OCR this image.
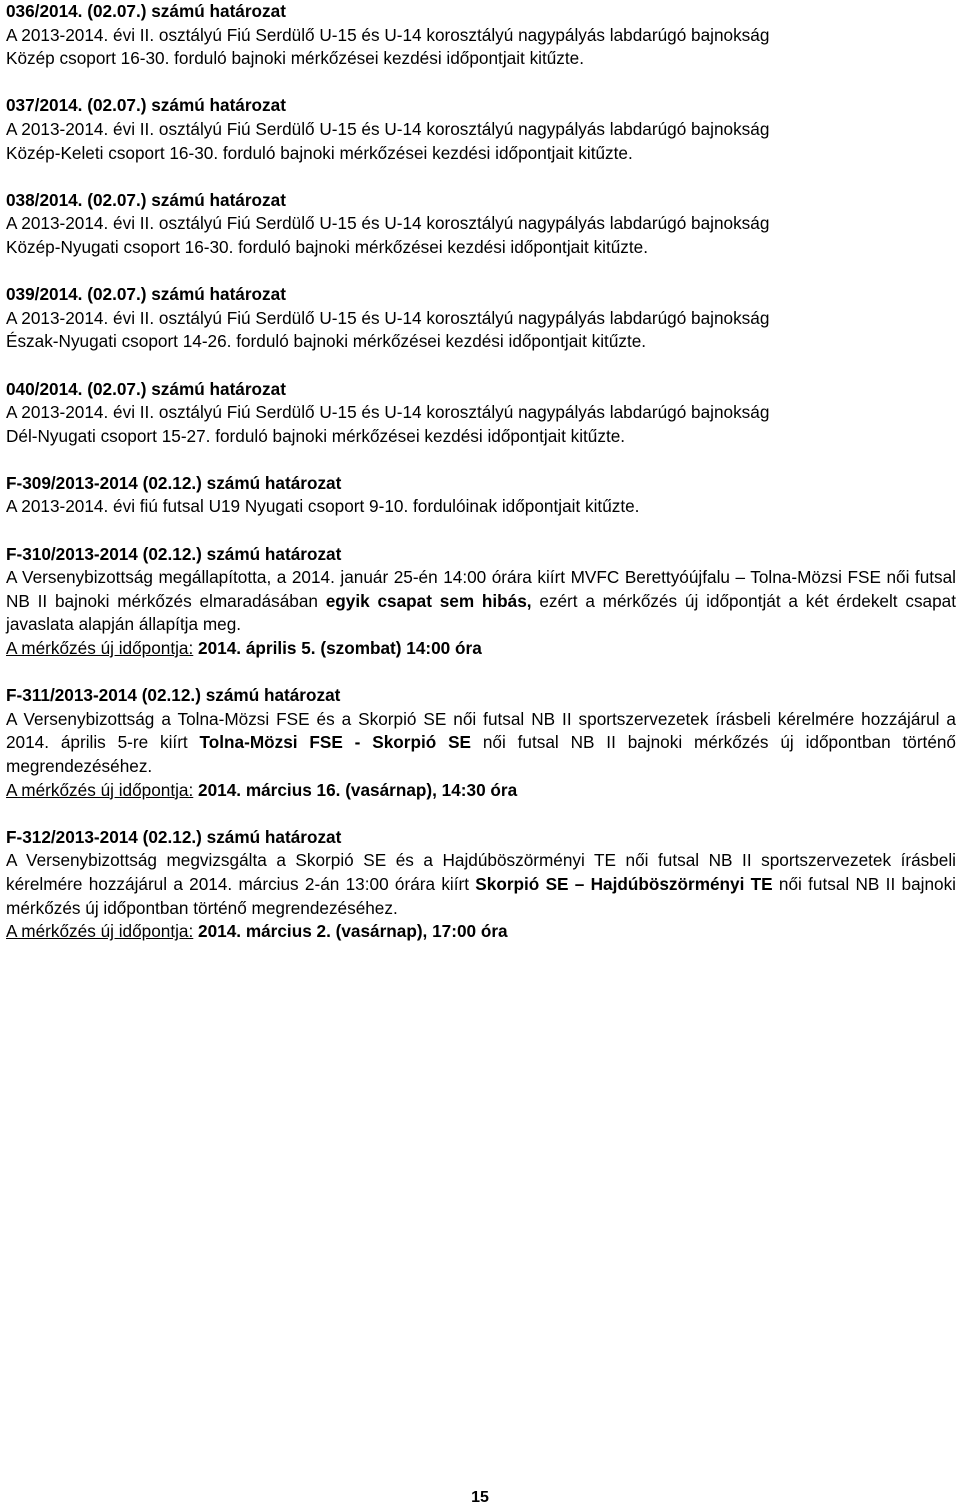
036/2014. (02.07.) számú határozat
A 2013-2014. évi II. osztályú Fiú Serdülő U-15 és U-14 korosztályú nagypályás labdarúgó bajnokság
Közép csoport 16-30. forduló bajnoki mérkőzései kezdési időpontjait kitűzte.
037/2014. (02.07.) számú határozat
A 2013-2014. évi II. osztályú Fiú Serdülő U-15 és U-14 korosztályú nagypályás labdarúgó bajnokság
Közép-Keleti csoport 16-30. forduló bajnoki mérkőzései kezdési időpontjait kitűzte.
038/2014. (02.07.) számú határozat
A 2013-2014. évi II. osztályú Fiú Serdülő U-15 és U-14 korosztályú nagypályás labdarúgó bajnokság
Közép-Nyugati csoport 16-30. forduló bajnoki mérkőzései kezdési időpontjait kitűzte.
039/2014. (02.07.) számú határozat
A 2013-2014. évi II. osztályú Fiú Serdülő U-15 és U-14 korosztályú nagypályás labdarúgó bajnokság
Észak-Nyugati csoport 14-26. forduló bajnoki mérkőzései kezdési időpontjait kitűzte.
040/2014. (02.07.) számú határozat
A 2013-2014. évi II. osztályú Fiú Serdülő U-15 és U-14 korosztályú nagypályás labdarúgó bajnokság
Dél-Nyugati csoport 15-27. forduló bajnoki mérkőzései kezdési időpontjait kitűzte.
F-309/2013-2014 (02.12.) számú határozat
A 2013-2014. évi fiú futsal U19 Nyugati csoport 9-10. fordulóinak időpontjait kitűzte.
F-310/2013-2014 (02.12.) számú határozat
A Versenybizottság megállapította, a 2014. január 25-én 14:00 órára kiírt MVFC Berettyóújfalu – Tolna-Mözsi FSE női futsal NB II bajnoki mérkőzés elmaradásában egyik csapat sem hibás, ezért a mérkőzés új időpontját a két érdekelt csapat javaslata alapján állapítja meg.
A mérkőzés új időpontja: 2014. április 5. (szombat) 14:00 óra
F-311/2013-2014 (02.12.) számú határozat
A Versenybizottság a Tolna-Mözsi FSE és a Skorpió SE női futsal NB II sportszervezetek írásbeli kérelmére hozzájárul a 2014. április 5-re kiírt Tolna-Mözsi FSE - Skorpió SE női futsal NB II bajnoki mérkőzés új időpontban történő megrendezéséhez.
A mérkőzés új időpontja: 2014. március 16. (vasárnap), 14:30 óra
F-312/2013-2014 (02.12.) számú határozat
A Versenybizottság megvizsgálta a Skorpió SE és a Hajdúböszörményi TE női futsal NB II sportszervezetek írásbeli kérelmére hozzájárul a 2014. március 2-án 13:00 órára kiírt Skorpió SE – Hajdúböszörményi TE női futsal NB II bajnoki mérkőzés új időpontban történő megrendezéséhez.
A mérkőzés új időpontja: 2014. március 2. (vasárnap), 17:00 óra
15
